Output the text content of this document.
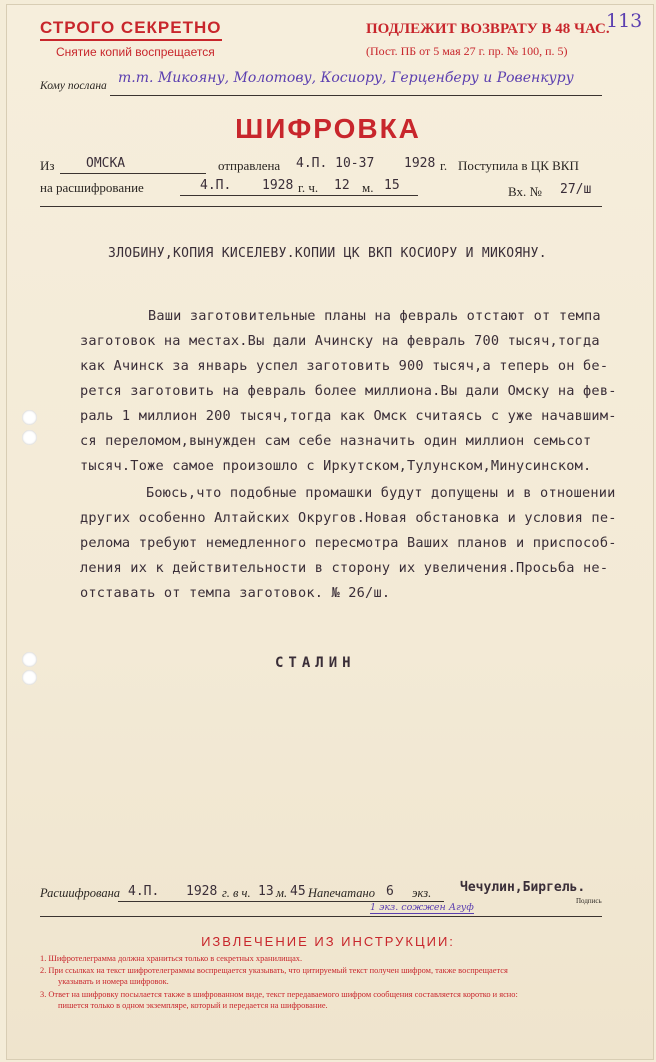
СТРОГО СЕКРЕТНО
Снятие копий воспрещается
ПОДЛЕЖИТ ВОЗВРАТУ В 48 ЧАС.
(Пост. ПБ от 5 мая 27 г. пр. № 100, п. 5)
113
Кому послана т.т. Микояну, Молотову, Косиору, Герценберу и Ровенкуру
ШИФРОВКА
Из ОМСКА	отправлена 4.П. 10-37 1928 г. Поступила в ЦК ВКП
на расшифрование	4.П. 1928 г. ч. 12 м. 15	Вх. № 27/ш
ЗЛОБИНУ,КОПИЯ КИСЕЛЕВУ.КОПИИ ЦК ВКП КОСИОРУ И МИКОЯНУ.
Ваши заготовительные планы на февраль отстают от темпа
заготовок на местах.Вы дали Ачинску на февраль 700 тысяч,тогда
как Ачинск за январь успел заготовить 900 тысяч,а теперь он бе-
рется заготовить на февраль более миллиона.Вы дали Омску на фев-
раль 1 миллион 200 тысяч,тогда как Омск считаясь с уже начавшим-
ся переломом,вынужден сам себе назначить один миллион семьсот
тысяч.Тоже самое произошло с Иркутском,Тулунском,Минусинском.
Боюсь,что подобные промашки будут допущены и в отношении
других особенно Алтайских Округов.Новая обстановка и условия пе-
релома требуют немедленного пересмотра Ваших планов и приспособ-
ления их к действительности в сторону их увеличения.Просьба не-
отставать от темпа заготовок. № 26/ш.
СТАЛИН
Расшифрована 4.П. 1928 г. в ч. 13 м. 45 Напечатано 6 экз. Чечулин,Биргель.
Подпись
1 экз. сожжен Агуф
ИЗВЛЕЧЕНИЕ ИЗ ИНСТРУКЦИИ:
1. Шифротелеграмма должна храниться только в секретных хранилищах.
2. При ссылках на текст шифротелеграммы воспрещается указывать, что цитируемый текст получен шифром, также воспрещается
указывать и номера шифровок.
3. Ответ на шифровку посылается также в шифрованном виде, текст передаваемого шифром сообщения составляется коротко и ясно:
пишется только в одном экземпляре, который и передается на шифрование.
